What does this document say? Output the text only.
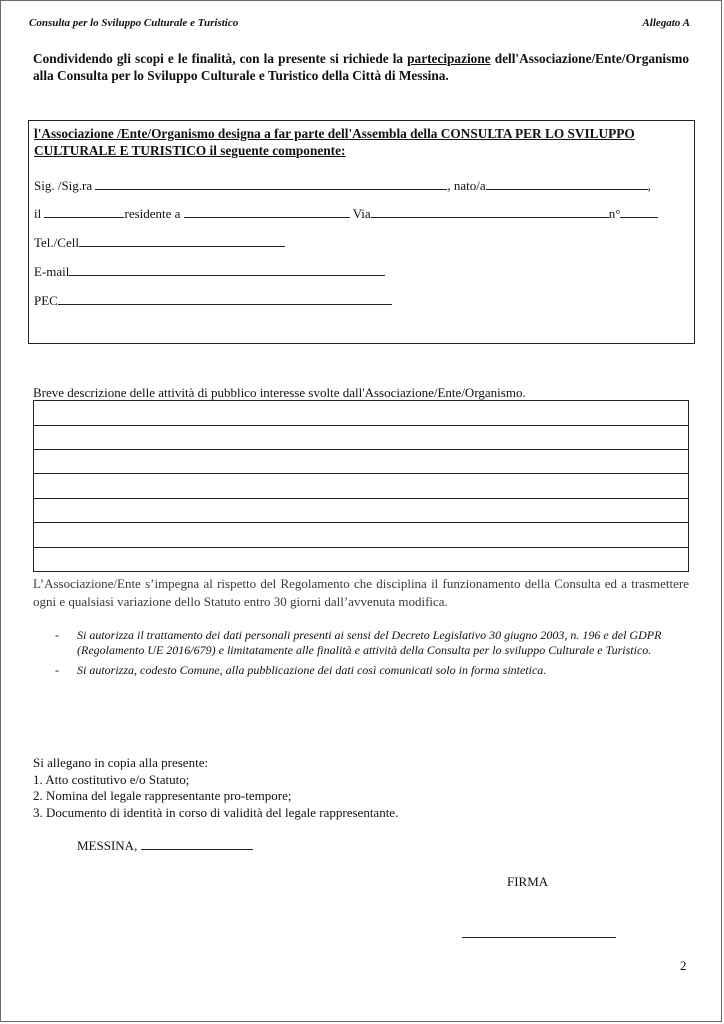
Consulta per lo Sviluppo Culturale e Turistico	Allegato A
Condividendo gli scopi e le finalità, con la presente si richiede la partecipazione dell'Associazione/Ente/Organismo alla Consulta per lo Sviluppo Culturale e Turistico della Città di Messina.
l'Associazione /Ente/Organismo designa a far parte dell'Assembla della CONSULTA PER LO SVILUPPO CULTURALE E TURISTICO il seguente componente:
Sig. /Sig.ra	, nato/a	,
il	residente a	Via	n°
Tel./Cell
E-mail
PEC
Breve descrizione delle attività di pubblico interesse svolte dall'Associazione/Ente/Organismo.
L’Associazione/Ente s’impegna al rispetto del Regolamento che disciplina il funzionamento della Consulta ed a trasmettere ogni e qualsiasi variazione dello Statuto entro 30 giorni dall’avvenuta modifica.
- Si autorizza il trattamento dei dati personali presenti ai sensi del Decreto Legislativo 30 giugno 2003, n. 196 e del GDPR (Regolamento UE 2016/679) e limitatamente alle finalità e attività della Consulta per lo sviluppo Culturale e Turistico.
- Si autorizza, codesto Comune, alla pubblicazione dei dati così comunicati solo in forma sintetica.
Si allegano in copia alla presente:
1. Atto costitutivo e/o Statuto;
2. Nomina del legale rappresentante pro-tempore;
3. Documento di identità in corso di validità del legale rappresentante.
MESSINA,
FIRMA
2
